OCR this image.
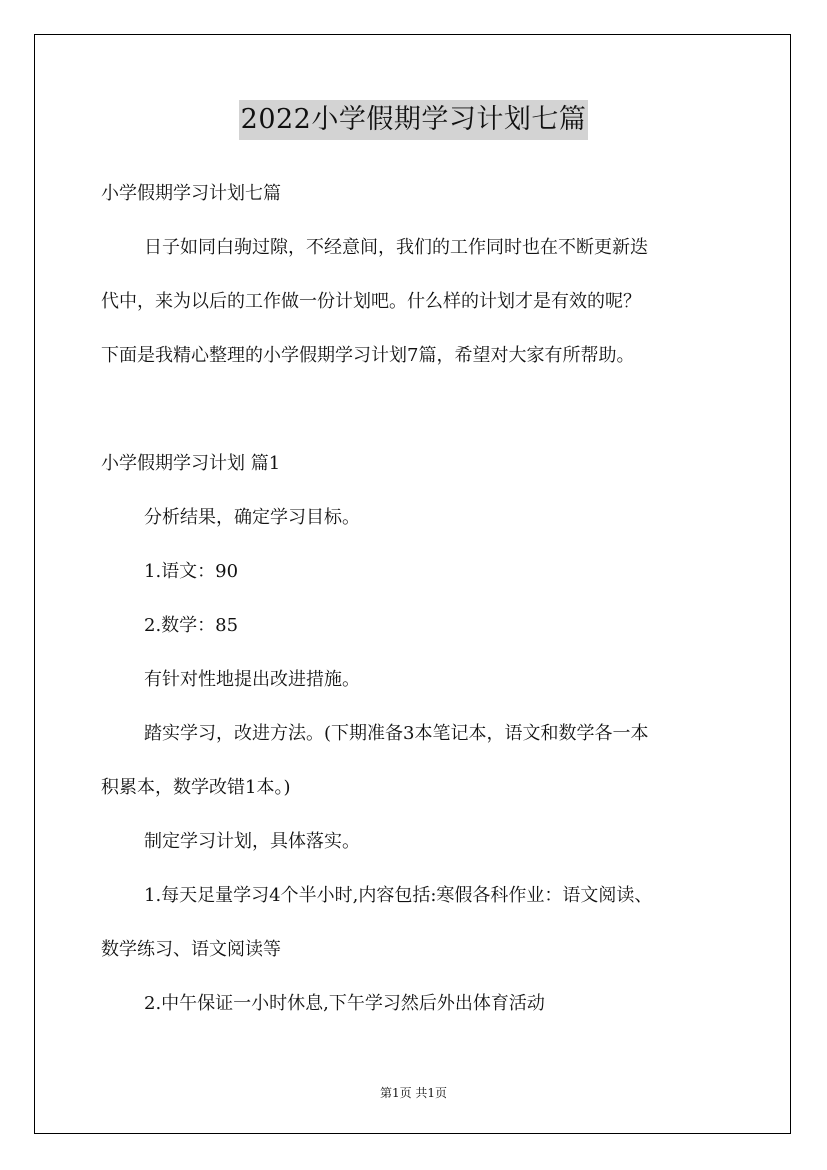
2022小学假期学习计划七篇
小学假期学习计划七篇
日子如同白驹过隙，不经意间，我们的工作同时也在不断更新迭
代中，来为以后的工作做一份计划吧。什么样的计划才是有效的呢？
下面是我精心整理的小学假期学习计划7篇，希望对大家有所帮助。
小学假期学习计划 篇1
分析结果，确定学习目标。
1.语文：90
2.数学：85
有针对性地提出改进措施。
踏实学习，改进方法。(下期准备3本笔记本，语文和数学各一本
积累本，数学改错1本。)
制定学习计划，具体落实。
1.每天足量学习4个半小时,内容包括:寒假各科作业：语文阅读、
数学练习、语文阅读等
2.中午保证一小时休息,下午学习然后外出体育活动
第1页 共1页
